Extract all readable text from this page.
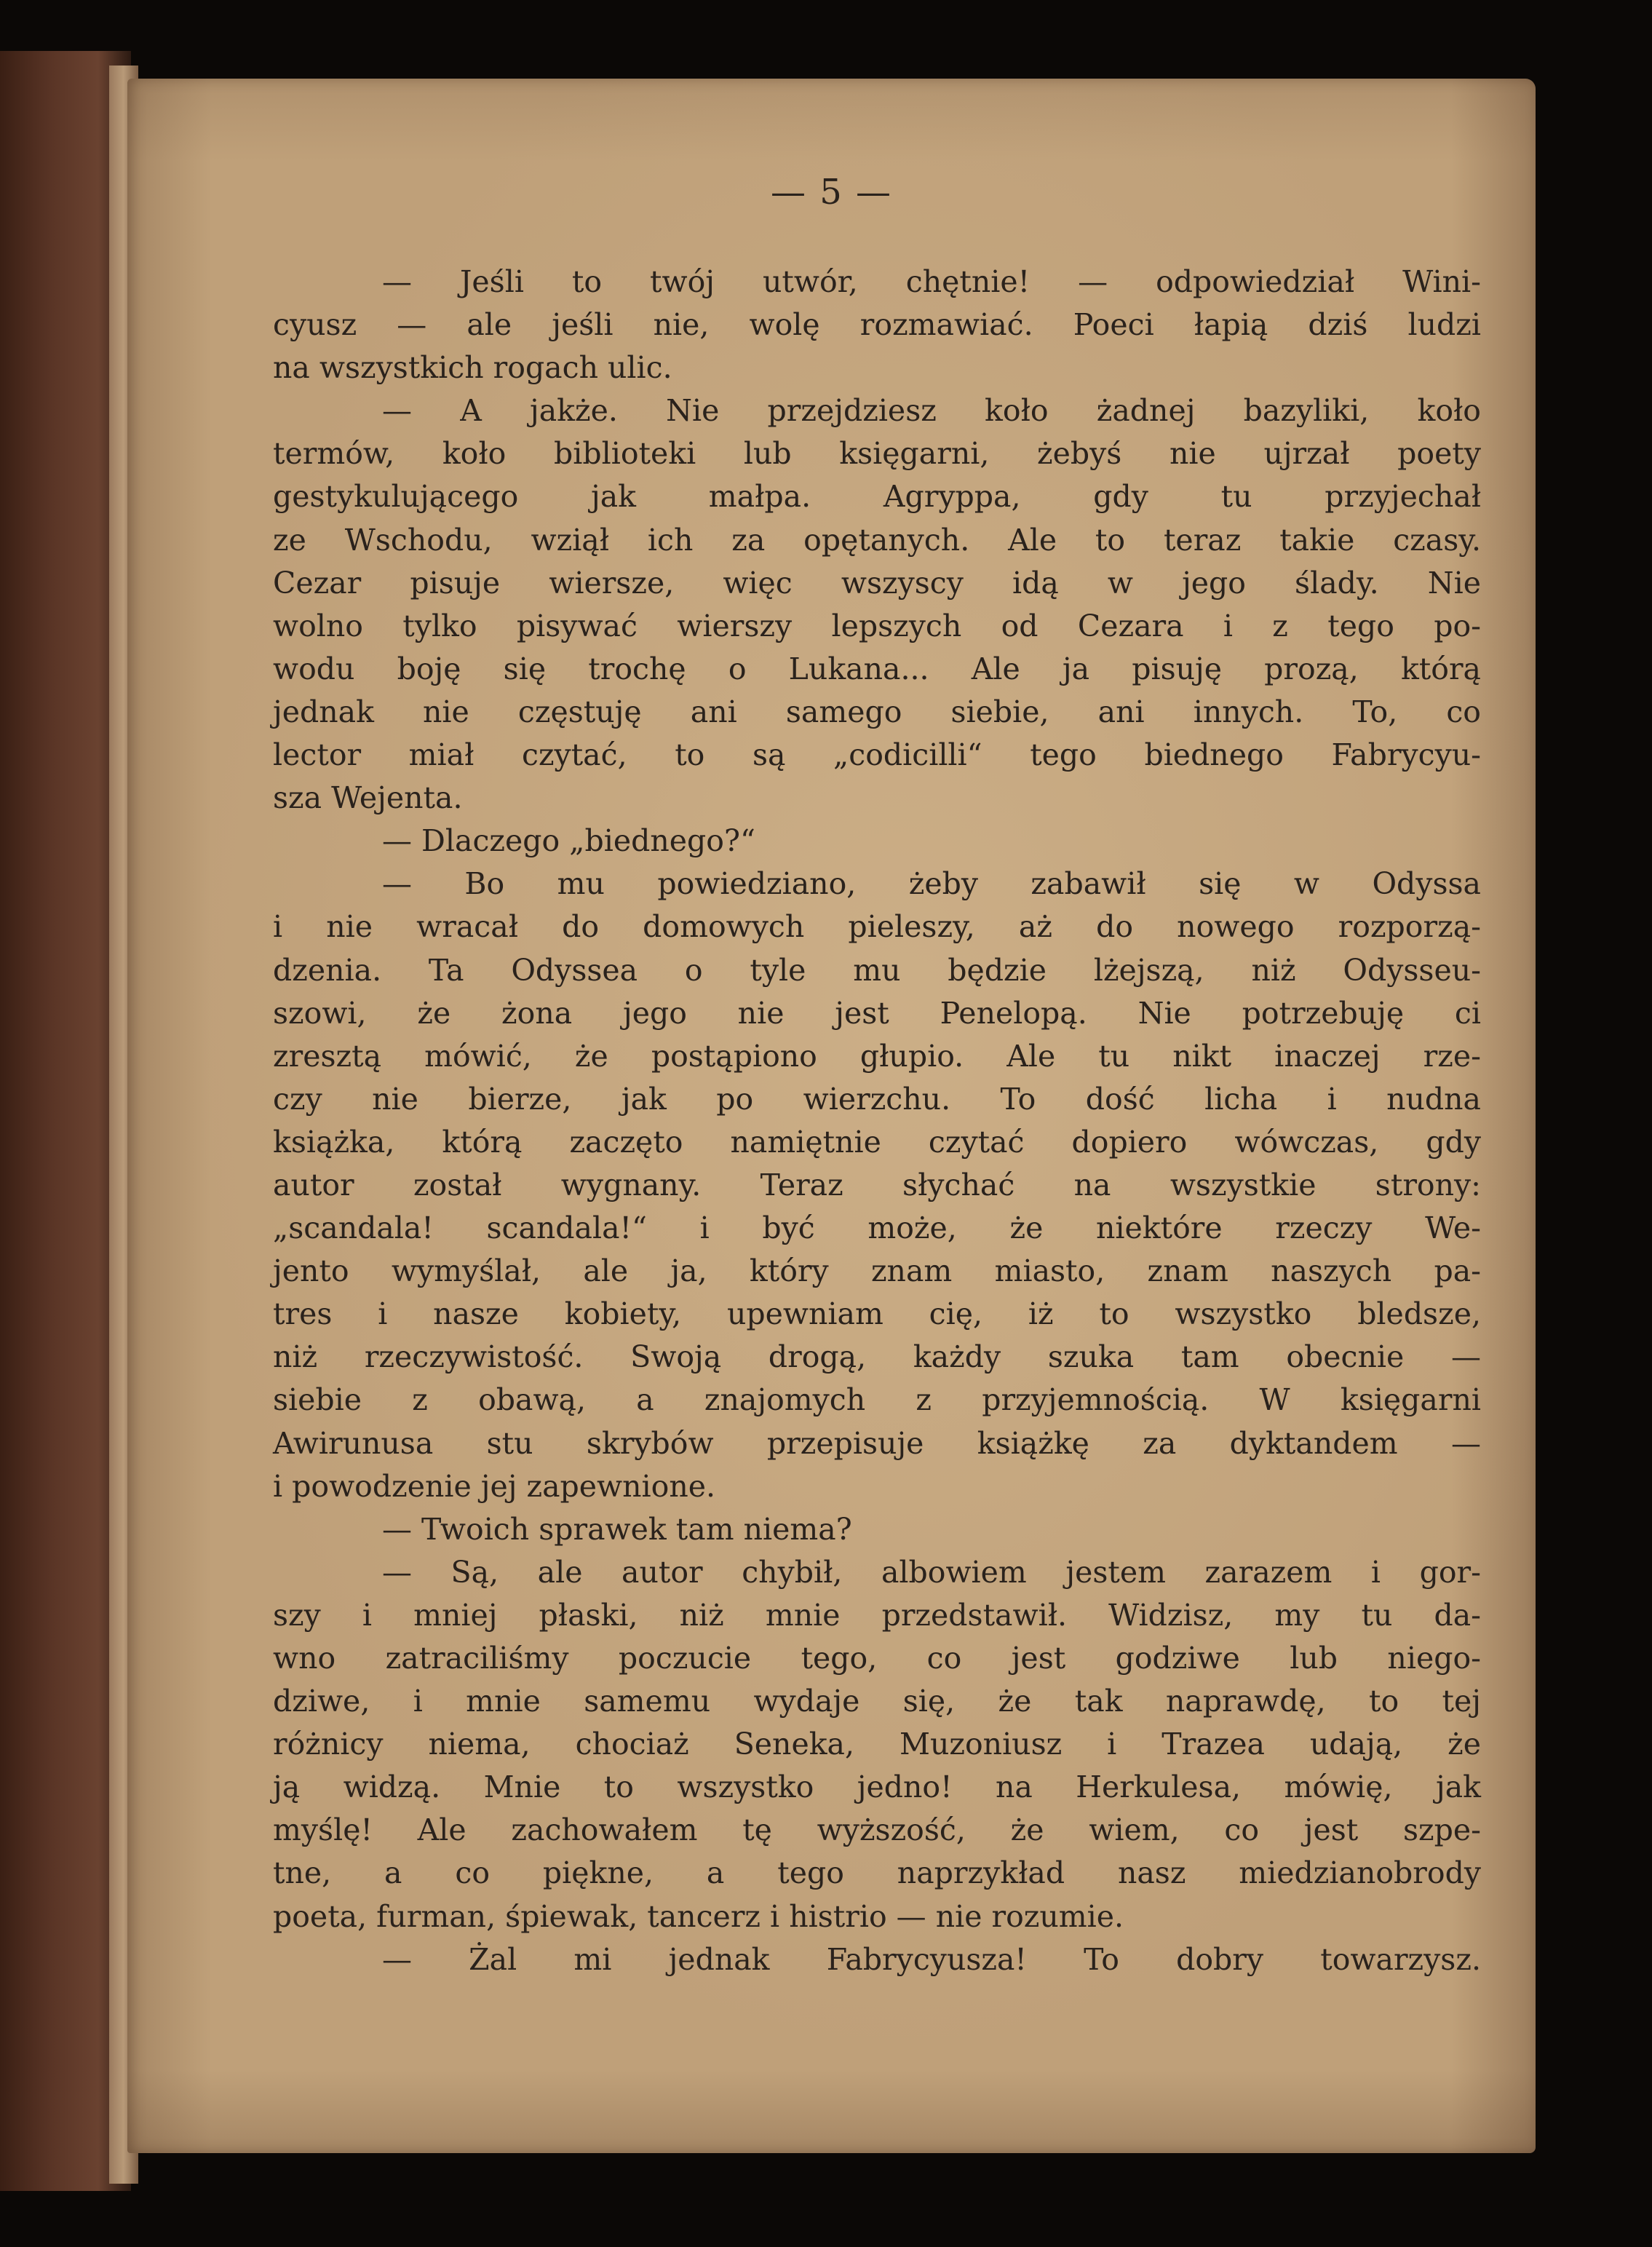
— 5 —
— Jeśli to twój utwór, chętnie! — odpowiedział Wini-
cyusz — ale jeśli nie, wolę rozmawiać. Poeci łapią dziś ludzi
na wszystkich rogach ulic.
— A jakże. Nie przejdziesz koło żadnej bazyliki, koło
termów, koło biblioteki lub księgarni, żebyś nie ujrzał poety
gestykulującego jak małpa. Agryppa, gdy tu przyjechał
ze Wschodu, wziął ich za opętanych. Ale to teraz takie czasy.
Cezar pisuje wiersze, więc wszyscy idą w jego ślady. Nie
wolno tylko pisywać wierszy lepszych od Cezara i z tego po-
wodu boję się trochę o Lukana... Ale ja pisuję prozą, którą
jednak nie częstuję ani samego siebie, ani innych. To, co
lector miał czytać, to są „codicilli“ tego biednego Fabrycyu-
sza Wejenta.
— Dlaczego „biednego?“
— Bo mu powiedziano, żeby zabawił się w Odyssa
i nie wracał do domowych pieleszy, aż do nowego rozporzą-
dzenia. Ta Odyssea o tyle mu będzie lżejszą, niż Odysseu-
szowi, że żona jego nie jest Penelopą. Nie potrzebuję ci
zresztą mówić, że postąpiono głupio. Ale tu nikt inaczej rze-
czy nie bierze, jak po wierzchu. To dość licha i nudna
książka, którą zaczęto namiętnie czytać dopiero wówczas, gdy
autor został wygnany. Teraz słychać na wszystkie strony:
„scandala! scandala!“ i być może, że niektóre rzeczy We-
jento wymyślał, ale ja, który znam miasto, znam naszych pa-
tres i nasze kobiety, upewniam cię, iż to wszystko bledsze,
niż rzeczywistość. Swoją drogą, każdy szuka tam obecnie —
siebie z obawą, a znajomych z przyjemnością. W księgarni
Awirunusa stu skrybów przepisuje książkę za dyktandem —
i powodzenie jej zapewnione.
— Twoich sprawek tam niema?
— Są, ale autor chybił, albowiem jestem zarazem i gor-
szy i mniej płaski, niż mnie przedstawił. Widzisz, my tu da-
wno zatraciliśmy poczucie tego, co jest godziwe lub niego-
dziwe, i mnie samemu wydaje się, że tak naprawdę, to tej
różnicy niema, chociaż Seneka, Muzoniusz i Trazea udają, że
ją widzą. Mnie to wszystko jedno! na Herkulesa, mówię, jak
myślę! Ale zachowałem tę wyższość, że wiem, co jest szpe-
tne, a co piękne, a tego naprzykład nasz miedzianobrody
poeta, furman, śpiewak, tancerz i histrio — nie rozumie.
— Żal mi jednak Fabrycyusza! To dobry towarzysz.
